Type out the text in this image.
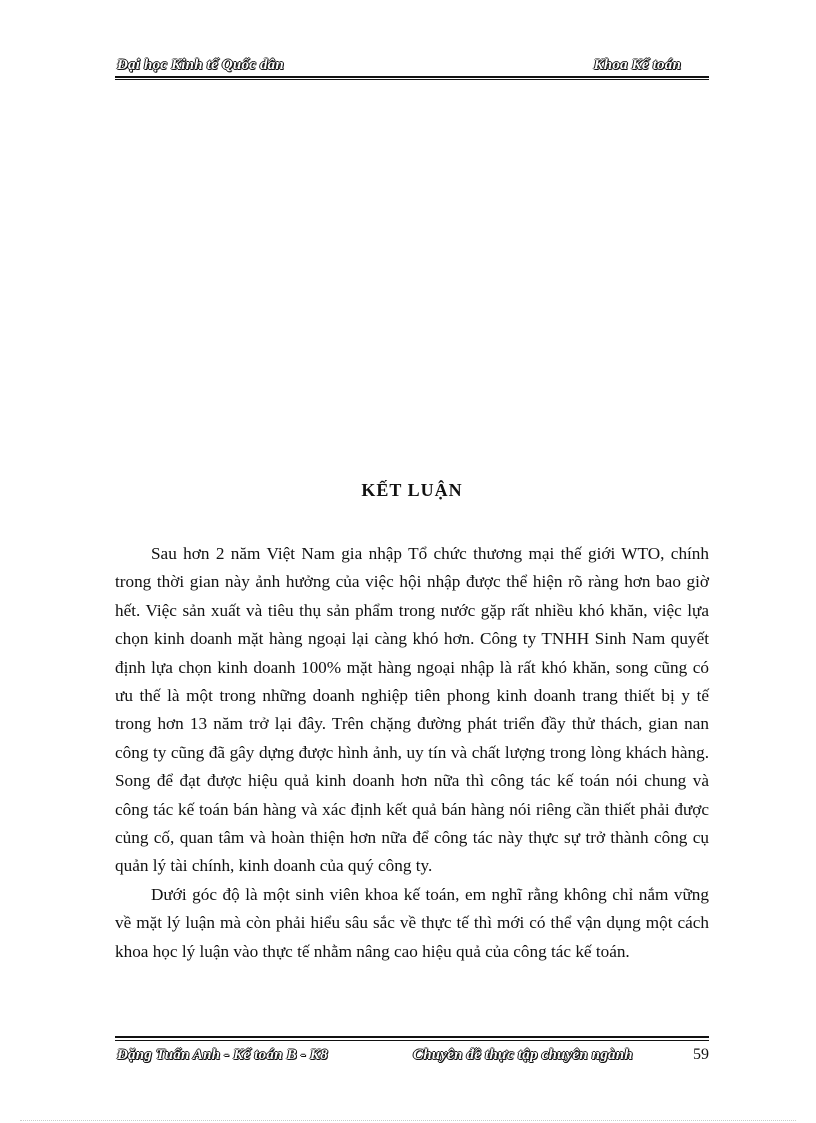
Đại học Kinh tế Quốc dân	Khoa Kế toán
KẾT LUẬN

Sau hơn 2 năm Việt Nam gia nhập Tổ chức thương mại thế giới WTO, chính trong thời gian này ảnh hưởng của việc hội nhập được thể hiện rõ ràng hơn bao giờ hết. Việc sản xuất và tiêu thụ sản phẩm trong nước gặp rất nhiều khó khăn, việc lựa chọn kinh doanh mặt hàng ngoại lại càng khó hơn. Công ty TNHH Sinh Nam quyết định lựa chọn kinh doanh 100% mặt hàng ngoại nhập là rất khó khăn, song cũng có ưu thế là một trong những doanh nghiệp tiên phong kinh doanh trang thiết bị y tế trong hơn 13 năm trở lại đây. Trên chặng đường phát triển đầy thử thách, gian nan công ty cũng đã gây dựng được hình ảnh, uy tín và chất lượng trong lòng khách hàng. Song để đạt được hiệu quả kinh doanh hơn nữa thì công tác kế toán nói chung và công tác kế toán bán hàng và xác định kết quả bán hàng nói riêng cần thiết phải được củng cố, quan tâm và hoàn thiện hơn nữa để công tác này thực sự trở thành công cụ quản lý tài chính, kinh doanh của quý công ty.

Dưới góc độ là một sinh viên khoa kế toán, em nghĩ rằng không chỉ nắm vững về mặt lý luận mà còn phải hiểu sâu sắc về thực tế thì mới có thể vận dụng một cách khoa học lý luận vào thực tế nhằm nâng cao hiệu quả của công tác kế toán.

Đặng Tuấn Anh - Kế toán B - K8	Chuyên đề thực tập chuyên ngành	59
